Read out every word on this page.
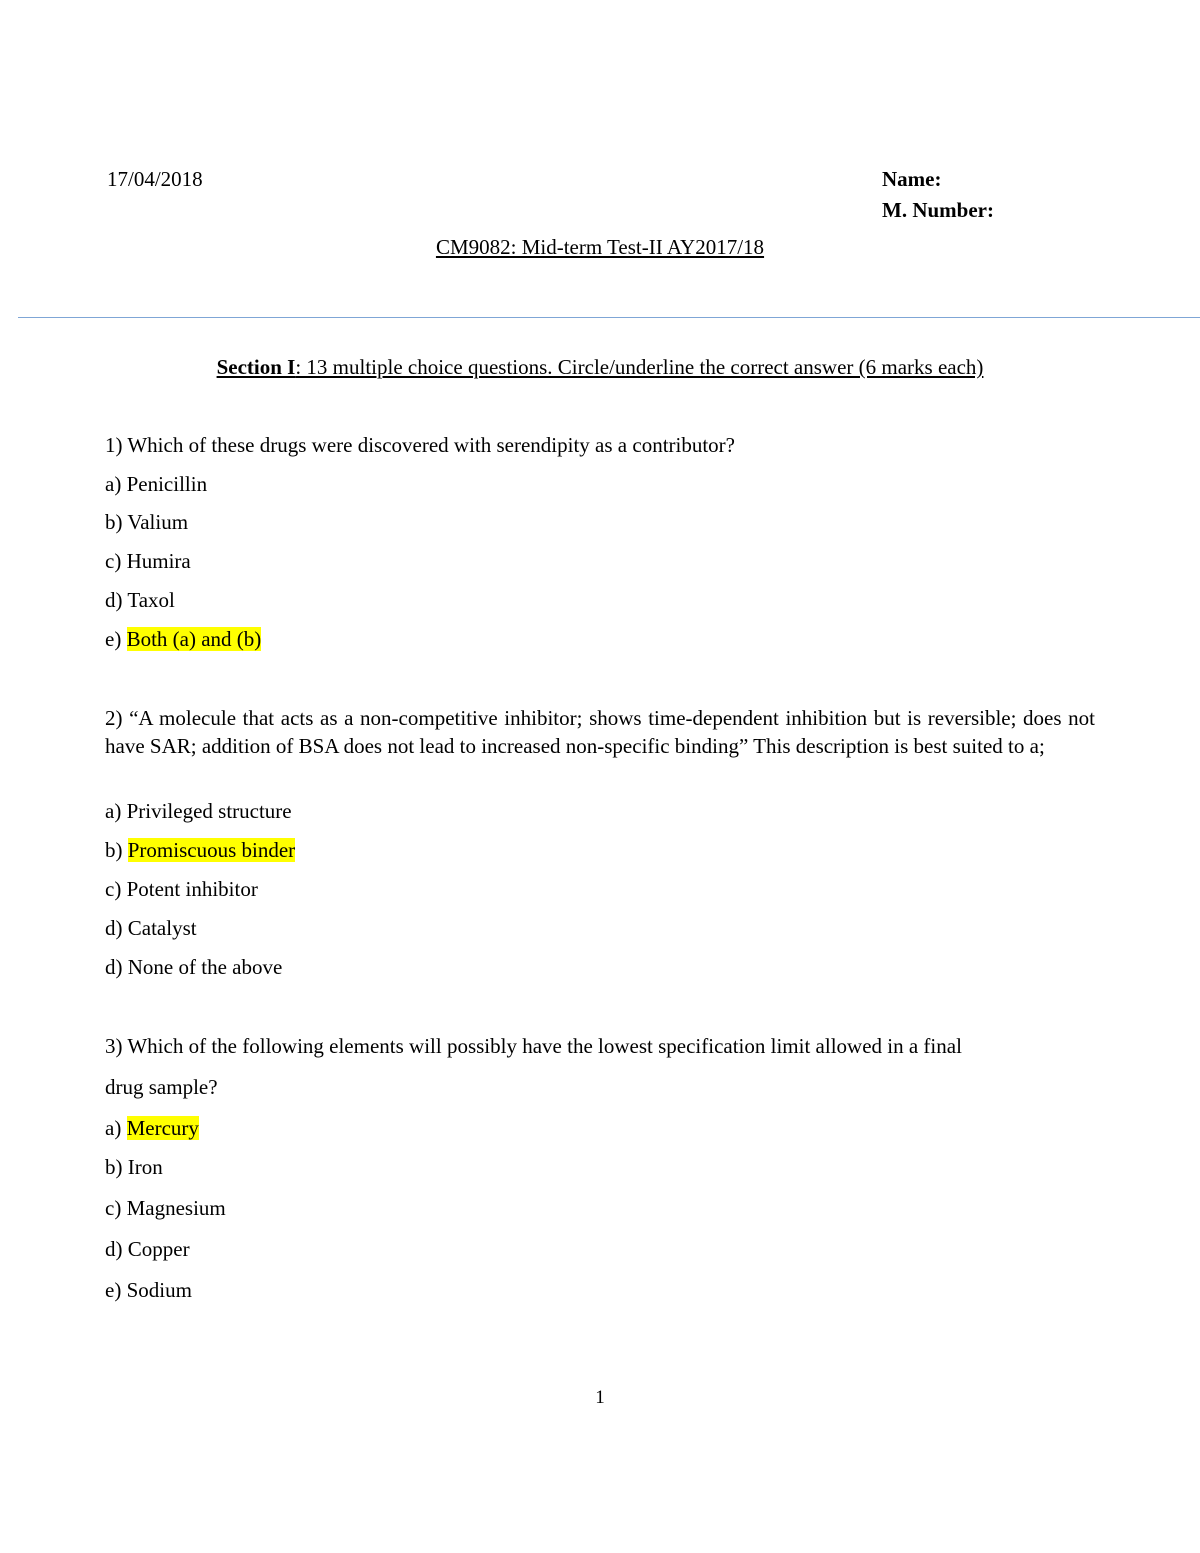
17/04/2018	Name:
M. Number:
CM9082: Mid-term Test-II AY2017/18
Section I: 13 multiple choice questions. Circle/underline the correct answer (6 marks each)
1) Which of these drugs were discovered with serendipity as a contributor?
a) Penicillin
b) Valium
c) Humira
d) Taxol
e) Both (a) and (b)
2) “A molecule that acts as a non-competitive inhibitor; shows time-dependent inhibition but is reversible; does not have SAR; addition of BSA does not lead to increased non-specific binding” This description is best suited to a;
a) Privileged structure
b) Promiscuous binder
c) Potent inhibitor
d) Catalyst
d) None of the above
3) Which of the following elements will possibly have the lowest specification limit allowed in a final
drug sample?
a) Mercury
b) Iron
c) Magnesium
d) Copper
e) Sodium
1
